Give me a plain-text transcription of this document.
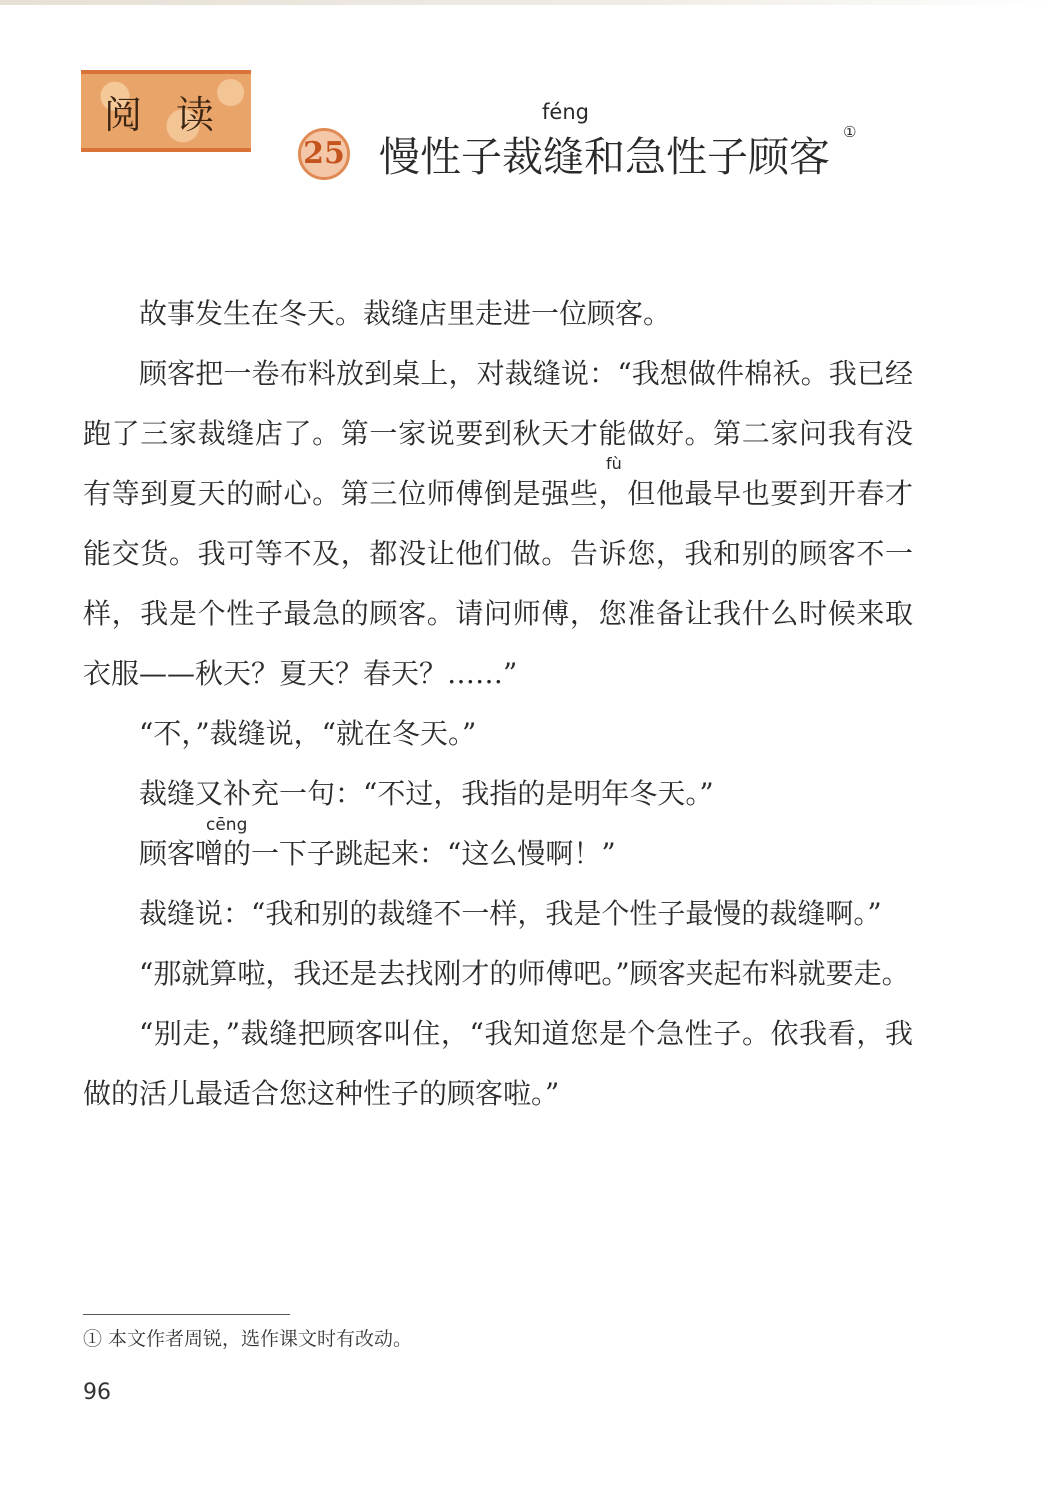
阅读
25
féng
慢性子裁缝和急性子顾客
①
fù
cēng

故事发生在冬天。裁缝店里走进一位顾客。

顾客把一卷布料放到桌上，对裁缝说：“我想做件棉袄。我已经跑了三家裁缝店了。第一家说要到秋天才能做好。第二家问我有没有等到夏天的耐心。第三位师傅倒是强些，但他最早也要到开春才能交货。我可等不及，都没让他们做。告诉您，我和别的顾客不一样，我是个性子最急的顾客。请问师傅，您准备让我什么时候来取衣服——秋天？夏天？春天？……”

“不，”裁缝说，“就在冬天。”

裁缝又补充一句：“不过，我指的是明年冬天。”

顾客噌的一下子跳起来：“这么慢啊！”

裁缝说：“我和别的裁缝不一样，我是个性子最慢的裁缝啊。”

“那就算啦，我还是去找刚才的师傅吧。”顾客夹起布料就要走。

“别走，”裁缝把顾客叫住，“我知道您是个急性子。依我看，我做的活儿最适合您这种性子的顾客啦。”

① 本文作者周锐，选作课文时有改动。
96
